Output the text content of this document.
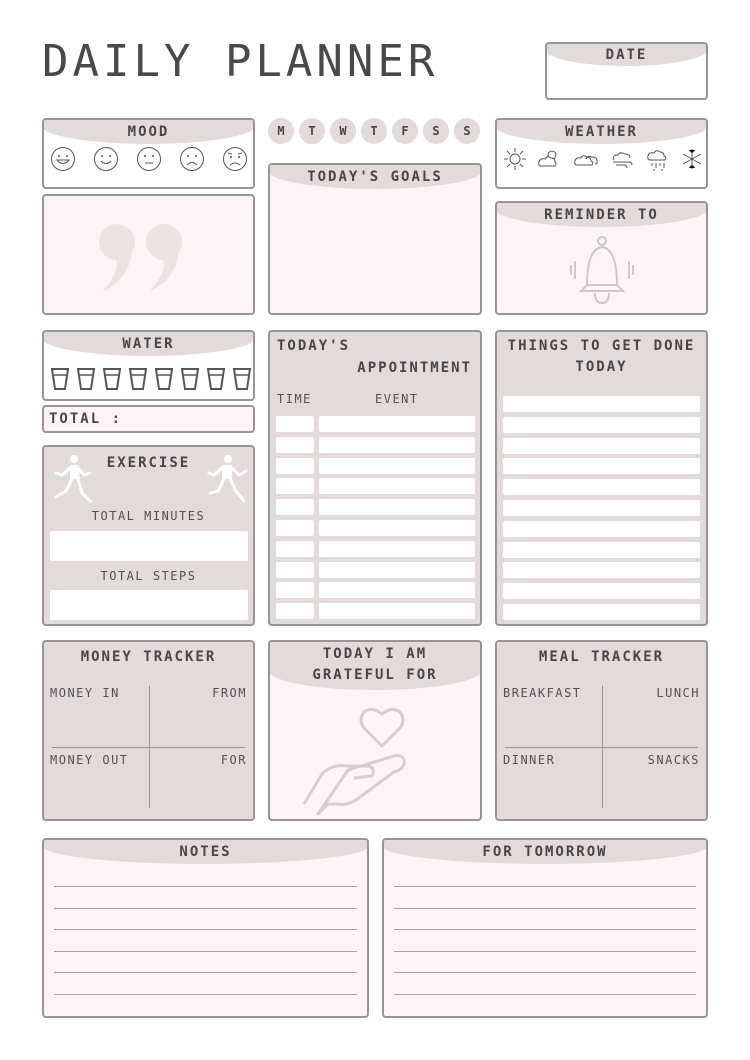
DAILY PLANNER	DATE
MOOD	M	T	W	T	F	S	S
TODAY'S GOALS
WEATHER
REMINDER TO
WATER
TOTAL :
EXERCISE
TOTAL MINUTES
TOTAL STEPS
TODAY'S
APPOINTMENT
TIME	EVENT
THINGS TO GET DONE
TODAY
MONEY TRACKER
MONEY IN	FROM
MONEY OUT	FOR
TODAY I AM
GRATEFUL FOR
MEAL TRACKER
BREAKFAST	LUNCH
DINNER	SNACKS
NOTES	FOR TOMORROW
